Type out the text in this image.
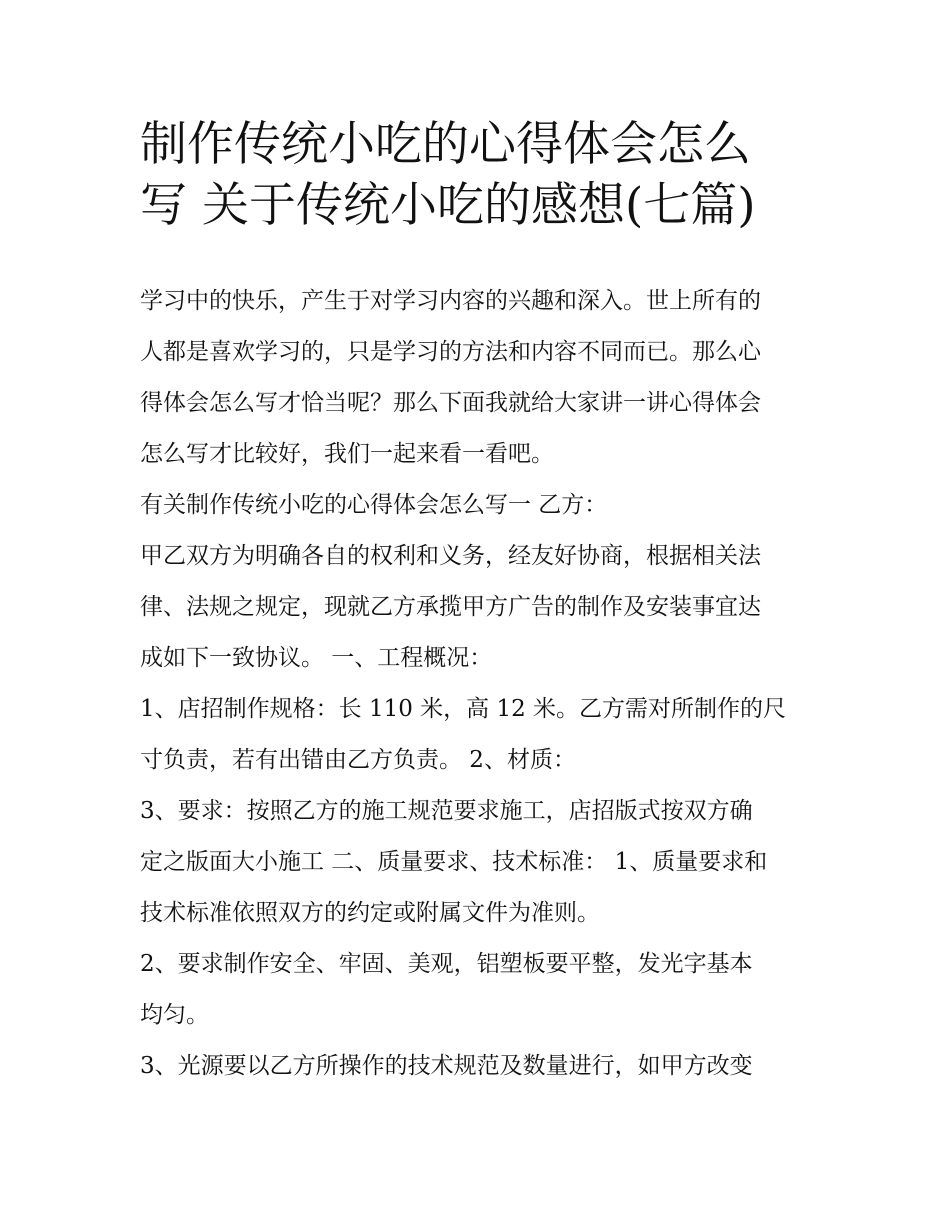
制作传统小吃的心得体会怎么
写 关于传统小吃的感想(七篇)
学习中的快乐，产生于对学习内容的兴趣和深入。世上所有的
人都是喜欢学习的，只是学习的方法和内容不同而已。那么心
得体会怎么写才恰当呢？那么下面我就给大家讲一讲心得体会
怎么写才比较好，我们一起来看一看吧。
有关制作传统小吃的心得体会怎么写一 乙方：
甲乙双方为明确各自的权利和义务，经友好协商，根据相关法
律、法规之规定，现就乙方承揽甲方广告的制作及安装事宜达
成如下一致协议。 一、工程概况：
1、店招制作规格：长 110 米，高 12 米。乙方需对所制作的尺
寸负责，若有出错由乙方负责。 2、材质：
3、要求：按照乙方的施工规范要求施工，店招版式按双方确
定之版面大小施工 二、质量要求、技术标准： 1、质量要求和
技术标准依照双方的约定或附属文件为准则。
2、要求制作安全、牢固、美观，铝塑板要平整，发光字基本
均匀。
3、光源要以乙方所操作的技术规范及数量进行，如甲方改变
